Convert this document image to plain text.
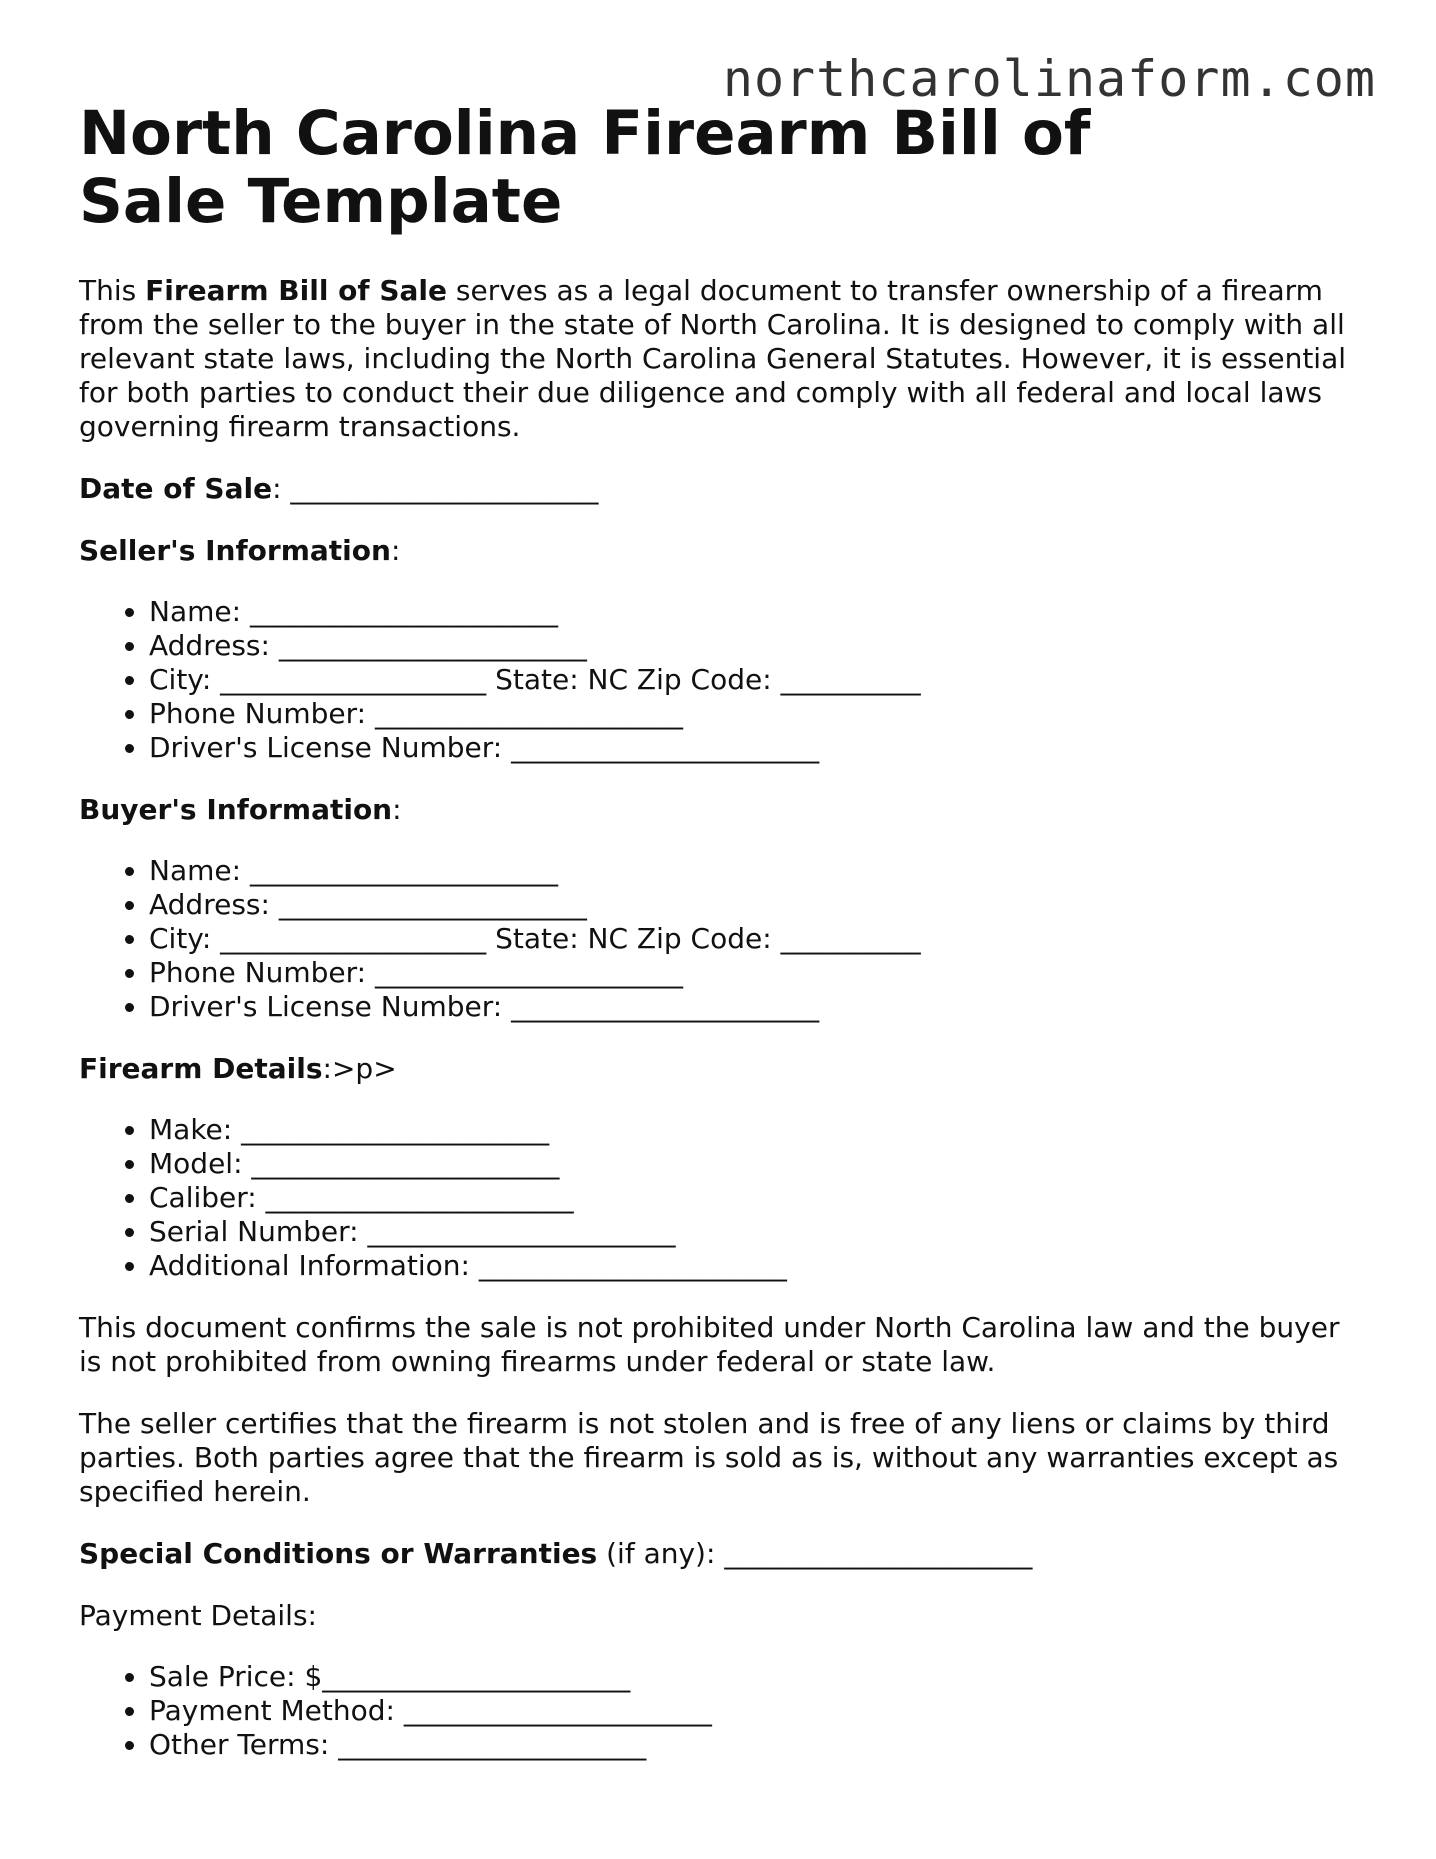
northcarolinaform.com
North Carolina Firearm Bill of Sale Template

This Firearm Bill of Sale serves as a legal document to transfer ownership of a firearm from the seller to the buyer in the state of North Carolina. It is designed to comply with all relevant state laws, including the North Carolina General Statutes. However, it is essential for both parties to conduct their due diligence and comply with all federal and local laws governing firearm transactions.

Date of Sale: ______________________

Seller's Information:

• Name: ______________________
• Address: ______________________
• City: ___________________ State: NC Zip Code: __________
• Phone Number: ______________________
• Driver's License Number: ______________________

Buyer's Information:

• Name: ______________________
• Address: ______________________
• City: ___________________ State: NC Zip Code: __________
• Phone Number: ______________________
• Driver's License Number: ______________________

Firearm Details:>p>

• Make: ______________________
• Model: ______________________
• Caliber: ______________________
• Serial Number: ______________________
• Additional Information: ______________________

This document confirms the sale is not prohibited under North Carolina law and the buyer is not prohibited from owning firearms under federal or state law.

The seller certifies that the firearm is not stolen and is free of any liens or claims by third parties. Both parties agree that the firearm is sold as is, without any warranties except as specified herein.

Special Conditions or Warranties (if any): ______________________

Payment Details:

• Sale Price: $______________________
• Payment Method: ______________________
• Other Terms: ______________________
